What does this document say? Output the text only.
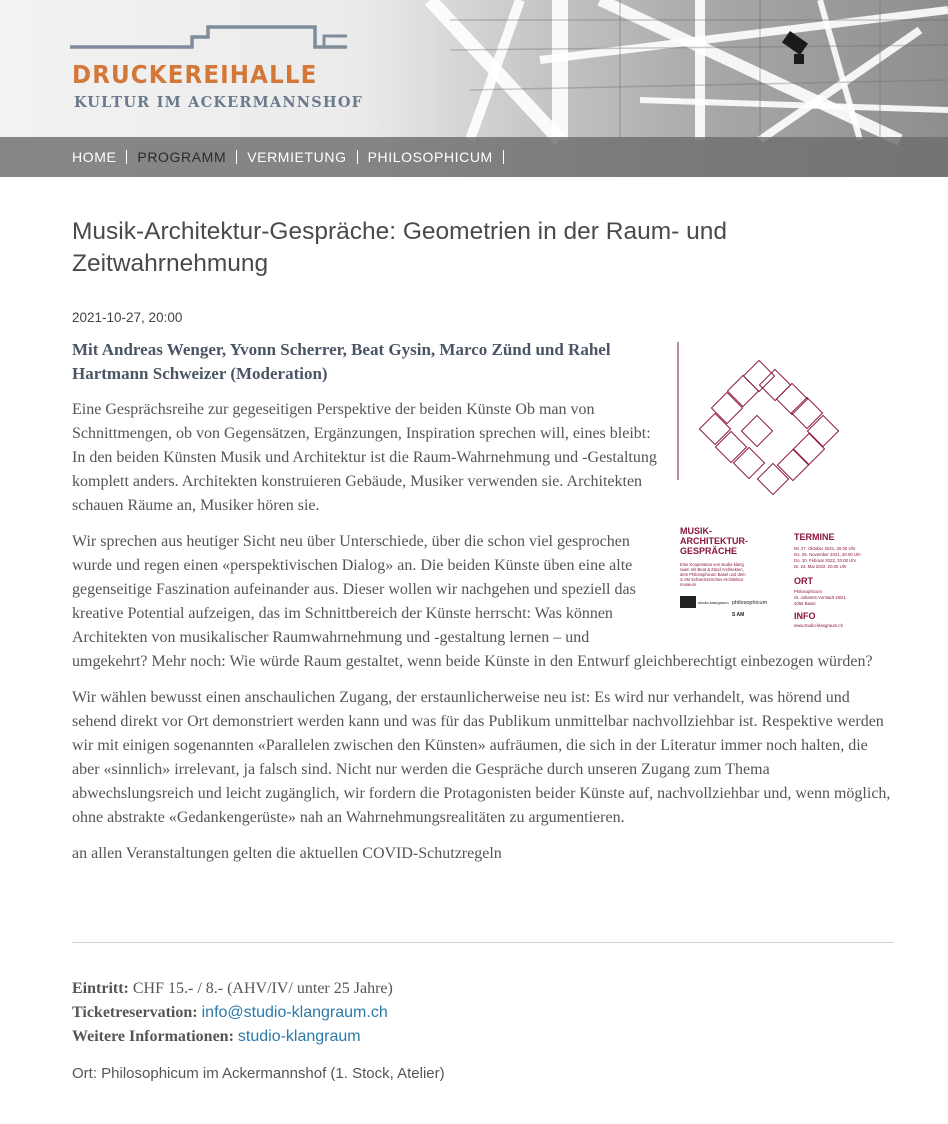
DRUCKEREIHALLE
KULTUR IM ACKERMANNSHOF
HOME	PROGRAMM	VERMIETUNG	PHILOSOPHICUM
Musik-Architektur-Gespräche: Geometrien in der Raum- und Zeitwahrnehmung
2021-10-27, 20:00
MUSIK- ARCHITEKTUR- GESPRÄCHE
Eine Kooperation von studio-klang raum mit Beat & Zünd Architekten, dem Philosophicum Basel und dem S AM Schweizerisches Architektur museum
studio-klangraum philosophicum
S AM
TERMINE
Mi. 27. Oktober 2021, 20.00 Uhr Do. 25. November 2021, 20.00 Uhr Do. 10. Februar 2022, 20.00 Uhr Di. 24. Mai 2022, 20.00 Uhr
ORT
Philosophicum St. Johanns-Vorstadt 19/21 4056 Basel
INFO
www.studio-klangraum.ch

Mit Andreas Wenger, Yvonn Scherrer, Beat Gysin, Marco Zünd und Rahel Hartmann Schweizer (Moderation)

Eine Gesprächsreihe zur gegeseitigen Perspektive der beiden Künste Ob man von Schnittmengen, ob von Gegensätzen, Ergänzungen, Inspiration sprechen will, eines bleibt: In den beiden Künsten Musik und Architektur ist die Raum-Wahrnehmung und -Gestaltung komplett anders. Architekten konstruieren Gebäude, Musiker verwenden sie. Architekten schauen Räume an, Musiker hören sie.

Wir sprechen aus heutiger Sicht neu über Unterschiede, über die schon viel gesprochen wurde und regen einen «perspektivischen Dialog» an. Die beiden Künste üben eine alte gegenseitige Faszination aufeinander aus. Dieser wollen wir nachgehen und speziell das kreative Potential aufzeigen, das im Schnittbereich der Künste herrscht: Was können Architekten von musikalischer Raumwahrnehmung und -gestaltung lernen – und umgekehrt? Mehr noch: Wie würde Raum gestaltet, wenn beide Künste in den Entwurf gleichberechtigt einbezogen würden?

Wir wählen bewusst einen anschaulichen Zugang, der erstaunlicherweise neu ist: Es wird nur verhandelt, was hörend und sehend direkt vor Ort demonstriert werden kann und was für das Publikum unmittelbar nachvollziehbar ist. Respektive werden wir mit einigen sogenannten «Parallelen zwischen den Künsten» aufräumen, die sich in der Literatur immer noch halten, die aber «sinnlich» irrelevant, ja falsch sind. Nicht nur werden die Gespräche durch unseren Zugang zum Thema abwechslungsreich und leicht zugänglich, wir fordern die Protagonisten beider Künste auf, nachvollziehbar und, wenn möglich, ohne abstrakte «Gedankengerüste» nah an Wahrnehmungsrealitäten zu argumentieren.

an allen Veranstaltungen gelten die aktuellen COVID-Schutzregeln

Eintritt: CHF 15.- / 8.- (AHV/IV/ unter 25 Jahre)
Ticketreservation: info@studio-klangraum.ch
Weitere Informationen: studio-klangraum
Ort: Philosophicum im Ackermannshof (1. Stock, Atelier)
